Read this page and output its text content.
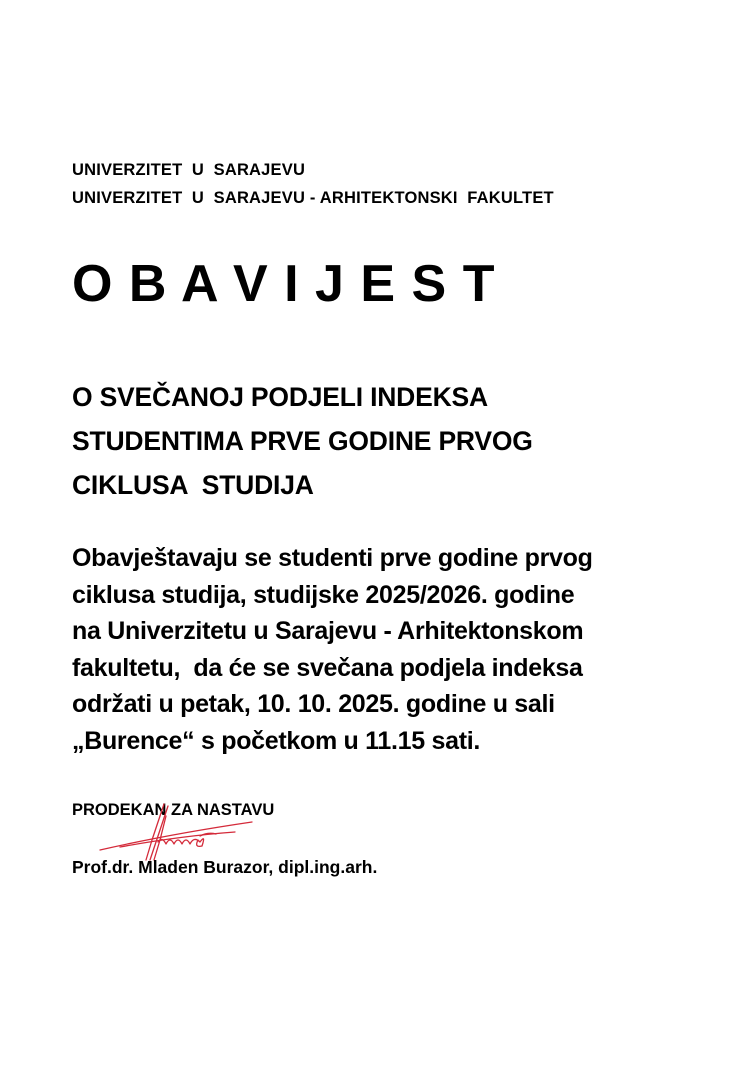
UNIVERZITET  U  SARAJEVU
UNIVERZITET  U  SARAJEVU - ARHITEKTONSKI  FAKULTET
O B A V I J E S T
O SVEČANOJ PODJELI INDEKSA
STUDENTIMA PRVE GODINE PRVOG
CIKLUSA  STUDIJA
Obavještavaju se studenti prve godine prvog
ciklusa studija, studijske 2025/2026. godine
na Univerzitetu u Sarajevu - Arhitektonskom
fakultetu,  da će se svečana podjela indeksa
održati u petak, 10. 10. 2025. godine u sali
„Burence“ s početkom u 11.15 sati.
PRODEKAN ZA NASTAVU
Prof.dr. Mladen Burazor, dipl.ing.arh.
